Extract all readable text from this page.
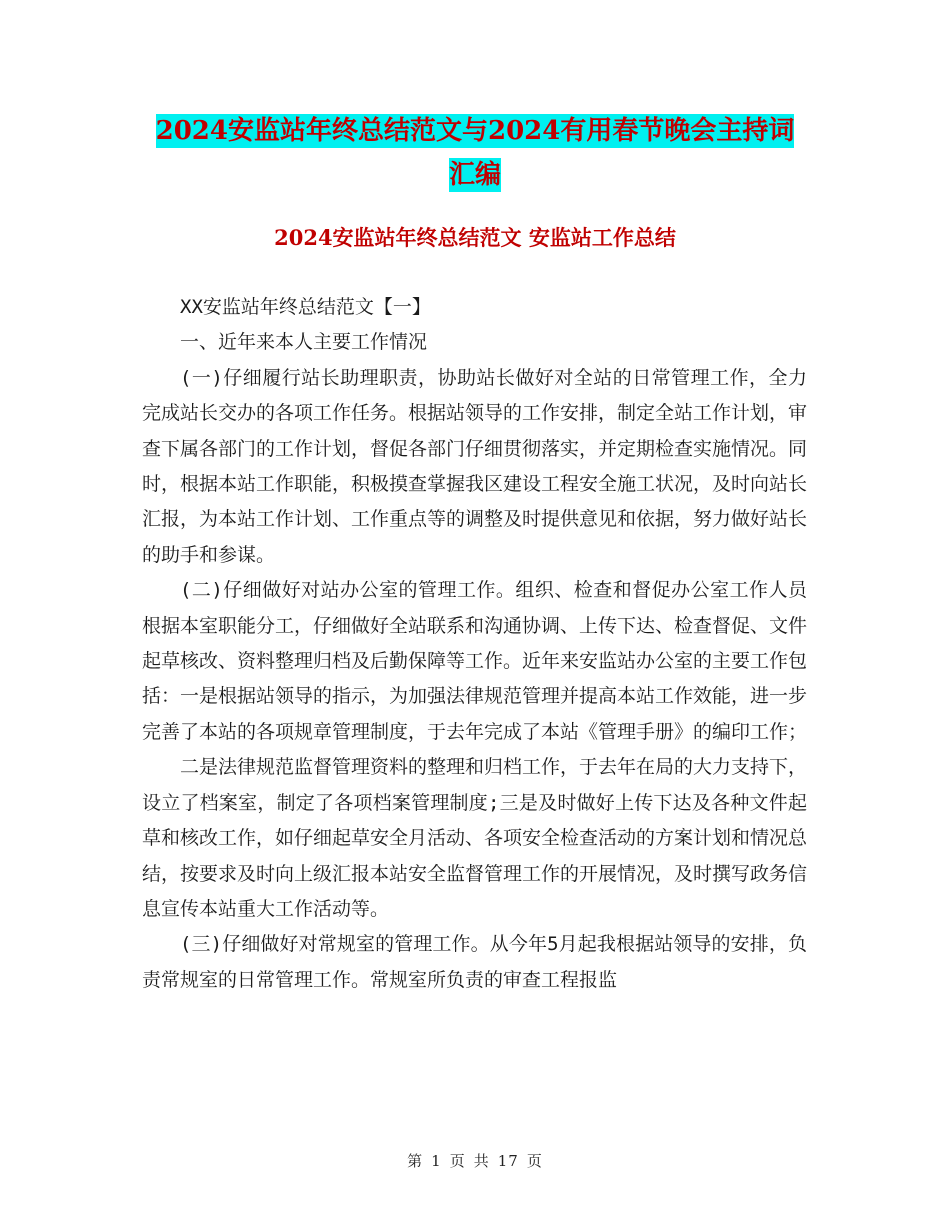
2024安监站年终总结范文与2024有用春节晚会主持词
汇编
2024安监站年终总结范文 安监站工作总结

XX安监站年终总结范文【一】

一、近年来本人主要工作情况

(一)仔细履行站长助理职责，协助站长做好对全站的日常管理工作，全力完成站长交办的各项工作任务。根据站领导的工作安排，制定全站工作计划，审查下属各部门的工作计划，督促各部门仔细贯彻落实，并定期检查实施情况。同时，根据本站工作职能，积极摸查掌握我区建设工程安全施工状况，及时向站长汇报，为本站工作计划、工作重点等的调整及时提供意见和依据，努力做好站长的助手和参谋。

(二)仔细做好对站办公室的管理工作。组织、检查和督促办公室工作人员根据本室职能分工，仔细做好全站联系和沟通协调、上传下达、检查督促、文件起草核改、资料整理归档及后勤保障等工作。近年来安监站办公室的主要工作包括：一是根据站领导的指示，为加强法律规范管理并提高本站工作效能，进一步完善了本站的各项规章管理制度，于去年完成了本站《管理手册》的编印工作；

二是法律规范监督管理资料的整理和归档工作，于去年在局的大力支持下，设立了档案室，制定了各项档案管理制度;三是及时做好上传下达及各种文件起草和核改工作，如仔细起草安全月活动、各项安全检查活动的方案计划和情况总结，按要求及时向上级汇报本站安全监督管理工作的开展情况，及时撰写政务信息宣传本站重大工作活动等。

(三)仔细做好对常规室的管理工作。从今年5月起我根据站领导的安排，负责常规室的日常管理工作。常规室所负责的审查工程报监

第 1 页 共 17 页
